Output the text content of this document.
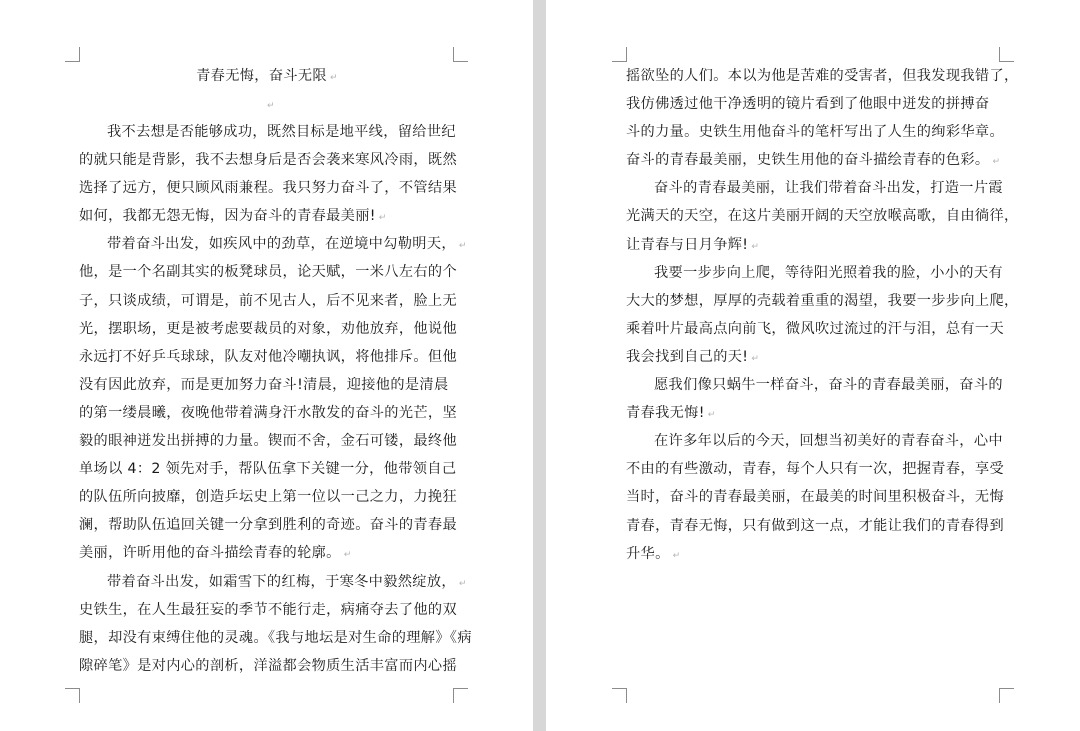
青春无悔，奋斗无限 ↵
↵
我不去想是否能够成功，既然目标是地平线，留给世纪
的就只能是背影，我不去想身后是否会袭来寒风冷雨，既然
选择了远方，便只顾风雨兼程。我只努力奋斗了，不管结果
如何，我都无怨无悔，因为奋斗的青春最美丽! ↵
带着奋斗出发，如疾风中的劲草，在逆境中勾勒明天， ↵
他，是一个名副其实的板凳球员，论天赋，一米八左右的个
子，只谈成绩，可谓是，前不见古人，后不见来者，脸上无
光，摆职场，更是被考虑要裁员的对象，劝他放弃，他说他
永远打不好乒乓球球，队友对他冷嘲执讽，将他排斥。但他
没有因此放弃，而是更加努力奋斗!清晨，迎接他的是清晨
的第一缕晨曦，夜晚他带着满身汗水散发的奋斗的光芒，坚
毅的眼神迸发出拼搏的力量。锲而不舍，金石可镂，最终他
单场以 4：2 领先对手，帮队伍拿下关键一分，他带领自己
的队伍所向披靡，创造乒坛史上第一位以一己之力，力挽狂
澜，帮助队伍追回关键一分拿到胜利的奇迹。奋斗的青春最
美丽，许昕用他的奋斗描绘青春的轮廓。 ↵
带着奋斗出发，如霜雪下的红梅，于寒冬中毅然绽放， ↵
史铁生，在人生最狂妄的季节不能行走，病痛夺去了他的双
腿，却没有束缚住他的灵魂。《我与地坛是对生命的理解》《病
隙碎笔》是对内心的剖析，洋溢都会物质生活丰富而内心摇
摇欲坠的人们。本以为他是苦难的受害者，但我发现我错了，
我仿佛透过他干净透明的镜片看到了他眼中迸发的拼搏奋
斗的力量。史铁生用他奋斗的笔杆写出了人生的绚彩华章。
奋斗的青春最美丽，史铁生用他的奋斗描绘青春的色彩。 ↵
奋斗的青春最美丽，让我们带着奋斗出发，打造一片霞
光满天的天空，在这片美丽开阔的天空放喉高歌，自由徜徉，
让青春与日月争辉! ↵
我要一步步向上爬，等待阳光照着我的脸，小小的天有
大大的梦想，厚厚的壳载着重重的渴望，我要一步步向上爬，
乘着叶片最高点向前飞，微风吹过流过的汗与泪，总有一天
我会找到自己的天! ↵
愿我们像只蜗牛一样奋斗，奋斗的青春最美丽，奋斗的
青春我无悔! ↵
在许多年以后的今天，回想当初美好的青春奋斗，心中
不由的有些激动，青春，每个人只有一次，把握青春，享受
当时，奋斗的青春最美丽，在最美的时间里积极奋斗，无悔
青春，青春无悔，只有做到这一点，才能让我们的青春得到
升华。 ↵
